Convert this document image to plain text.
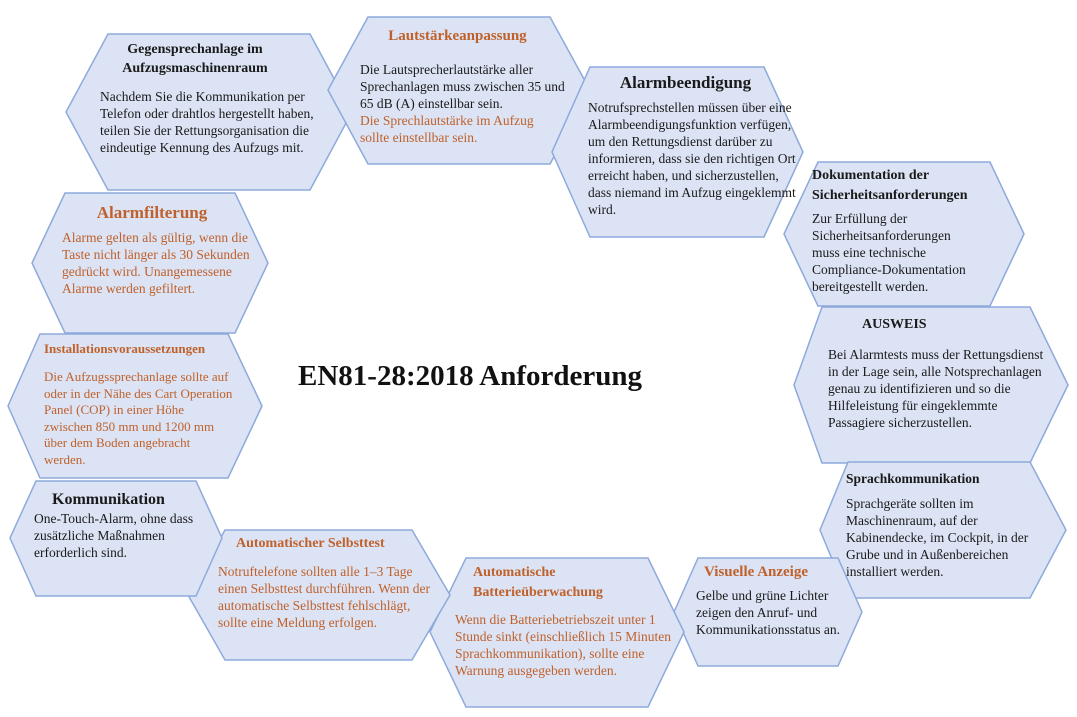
EN81-28:2018 Anforderung
Gegensprechanlage im Aufzugsmaschinenraum
Nachdem Sie die Kommunikation per Telefon oder drahtlos hergestellt haben, teilen Sie der Rettungsorganisation die eindeutige Kennung des Aufzugs mit.
Lautstärkeanpassung
Die Lautsprecherlautstärke aller Sprechanlagen muss zwischen 35 und 65 dB (A) einstellbar sein.
Die Sprechlautstärke im Aufzug sollte einstellbar sein.
Alarmbeendigung
Notrufsprechstellen müssen über eine Alarmbeendigungsfunktion verfügen, um den Rettungsdienst darüber zu informieren, dass sie den richtigen Ort erreicht haben, und sicherzustellen, dass niemand im Aufzug eingeklemmt wird.
Dokumentation der Sicherheitsanforderungen
Zur Erfüllung der Sicherheitsanforderungen muss eine technische Compliance-Dokumentation bereitgestellt werden.
AUSWEIS
Bei Alarmtests muss der Rettungsdienst in der Lage sein, alle Notsprechanlagen genau zu identifizieren und so die Hilfeleistung für eingeklemmte Passagiere sicherzustellen.
Sprachkommunikation
Sprachgeräte sollten im Maschinenraum, auf der Kabinendecke, im Cockpit, in der Grube und in Außenbereichen installiert werden.
Visuelle Anzeige
Gelbe und grüne Lichter zeigen den Anruf- und Kommunikationsstatus an.
Automatische Batterieüberwachung
Wenn die Batteriebetriebszeit unter 1 Stunde sinkt (einschließlich 15 Minuten Sprachkommunikation), sollte eine Warnung ausgegeben werden.
Automatischer Selbsttest
Notruftelefone sollten alle 1–3 Tage einen Selbsttest durchführen. Wenn der automatische Selbsttest fehlschlägt, sollte eine Meldung erfolgen.
Kommunikation
One-Touch-Alarm, ohne dass zusätzliche Maßnahmen erforderlich sind.
Installationsvoraussetzungen
Die Aufzugssprechanlage sollte auf oder in der Nähe des Cart Operation Panel (COP) in einer Höhe zwischen 850 mm und 1200 mm über dem Boden angebracht werden.
Alarmfilterung
Alarme gelten als gültig, wenn die Taste nicht länger als 30 Sekunden gedrückt wird. Unangemessene Alarme werden gefiltert.
